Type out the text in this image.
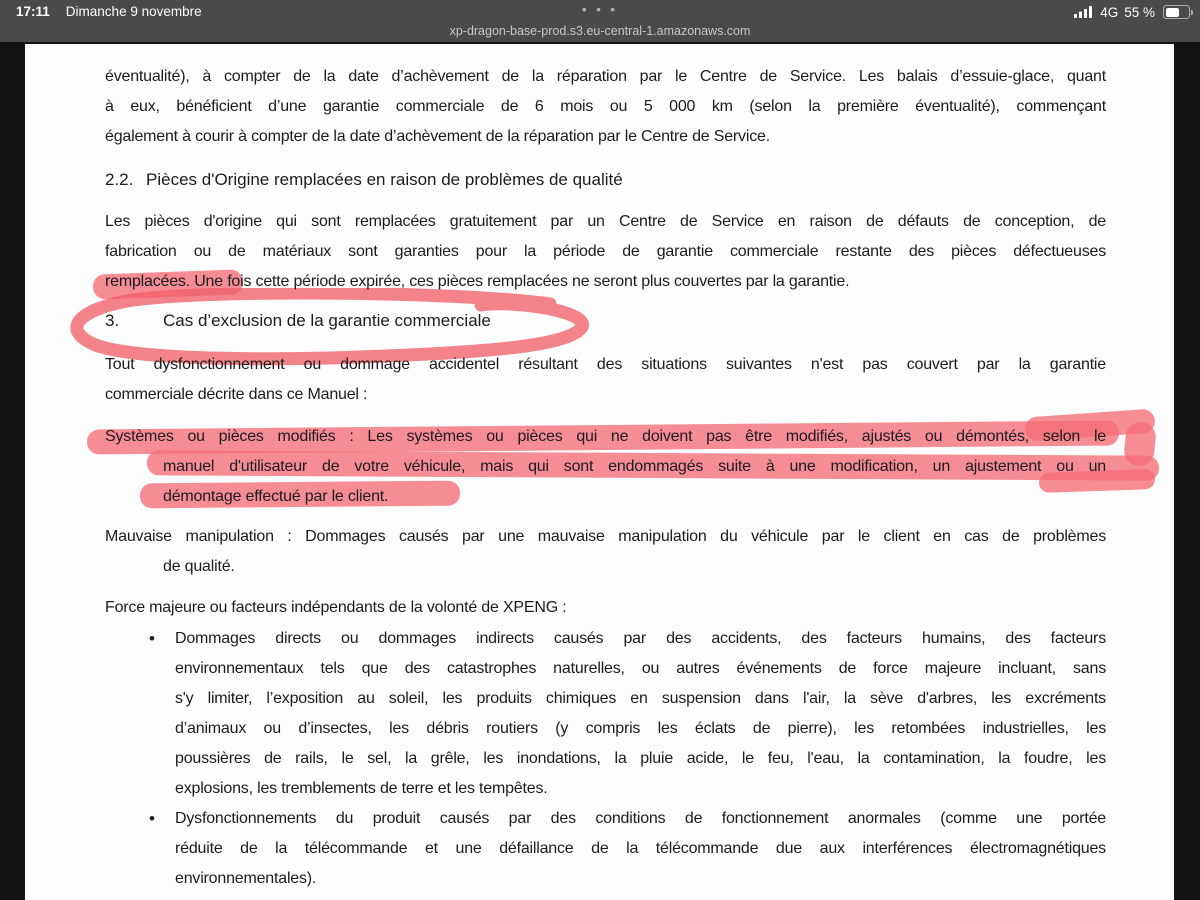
17:11 Dimanche 9 novembre	• • •	4G 55 %
xp-dragon-base-prod.s3.eu-central-1.amazonaws.com
éventualité), à compter de la date d’achèvement de la réparation par le Centre de Service. Les balais d’essuie-glace, quant
à eux, bénéficient d’une garantie commerciale de 6 mois ou 5 000 km (selon la première éventualité), commençant
également à courir à compter de la date d’achèvement de la réparation par le Centre de Service.
2.2. Pièces d'Origine remplacées en raison de problèmes de qualité
Les pièces d'origine qui sont remplacées gratuitement par un Centre de Service en raison de défauts de conception, de
fabrication ou de matériaux sont garanties pour la période de garantie commerciale restante des pièces défectueuses
remplacées. Une fois cette période expirée, ces pièces remplacées ne seront plus couvertes par la garantie.
3.	Cas d’exclusion de la garantie commerciale
Tout dysfonctionnement ou dommage accidentel résultant des situations suivantes n'est pas couvert par la garantie
commerciale décrite dans ce Manuel :
Systèmes ou pièces modifiés : Les systèmes ou pièces qui ne doivent pas être modifiés, ajustés ou démontés, selon le
manuel d'utilisateur de votre véhicule, mais qui sont endommagés suite à une modification, un ajustement ou un
démontage effectué par le client.
Mauvaise manipulation : Dommages causés par une mauvaise manipulation du véhicule par le client en cas de problèmes
de qualité.
Force majeure ou facteurs indépendants de la volonté de XPENG :
• Dommages directs ou dommages indirects causés par des accidents, des facteurs humains, des facteurs
environnementaux tels que des catastrophes naturelles, ou autres événements de force majeure incluant, sans
s'y limiter, l’exposition au soleil, les produits chimiques en suspension dans l'air, la sève d'arbres, les excréments
d’animaux ou d’insectes, les débris routiers (y compris les éclats de pierre), les retombées industrielles, les
poussières de rails, le sel, la grêle, les inondations, la pluie acide, le feu, l'eau, la contamination, la foudre, les
explosions, les tremblements de terre et les tempêtes.
• Dysfonctionnements du produit causés par des conditions de fonctionnement anormales (comme une portée
réduite de la télécommande et une défaillance de la télécommande due aux interférences électromagnétiques
environnementales).
